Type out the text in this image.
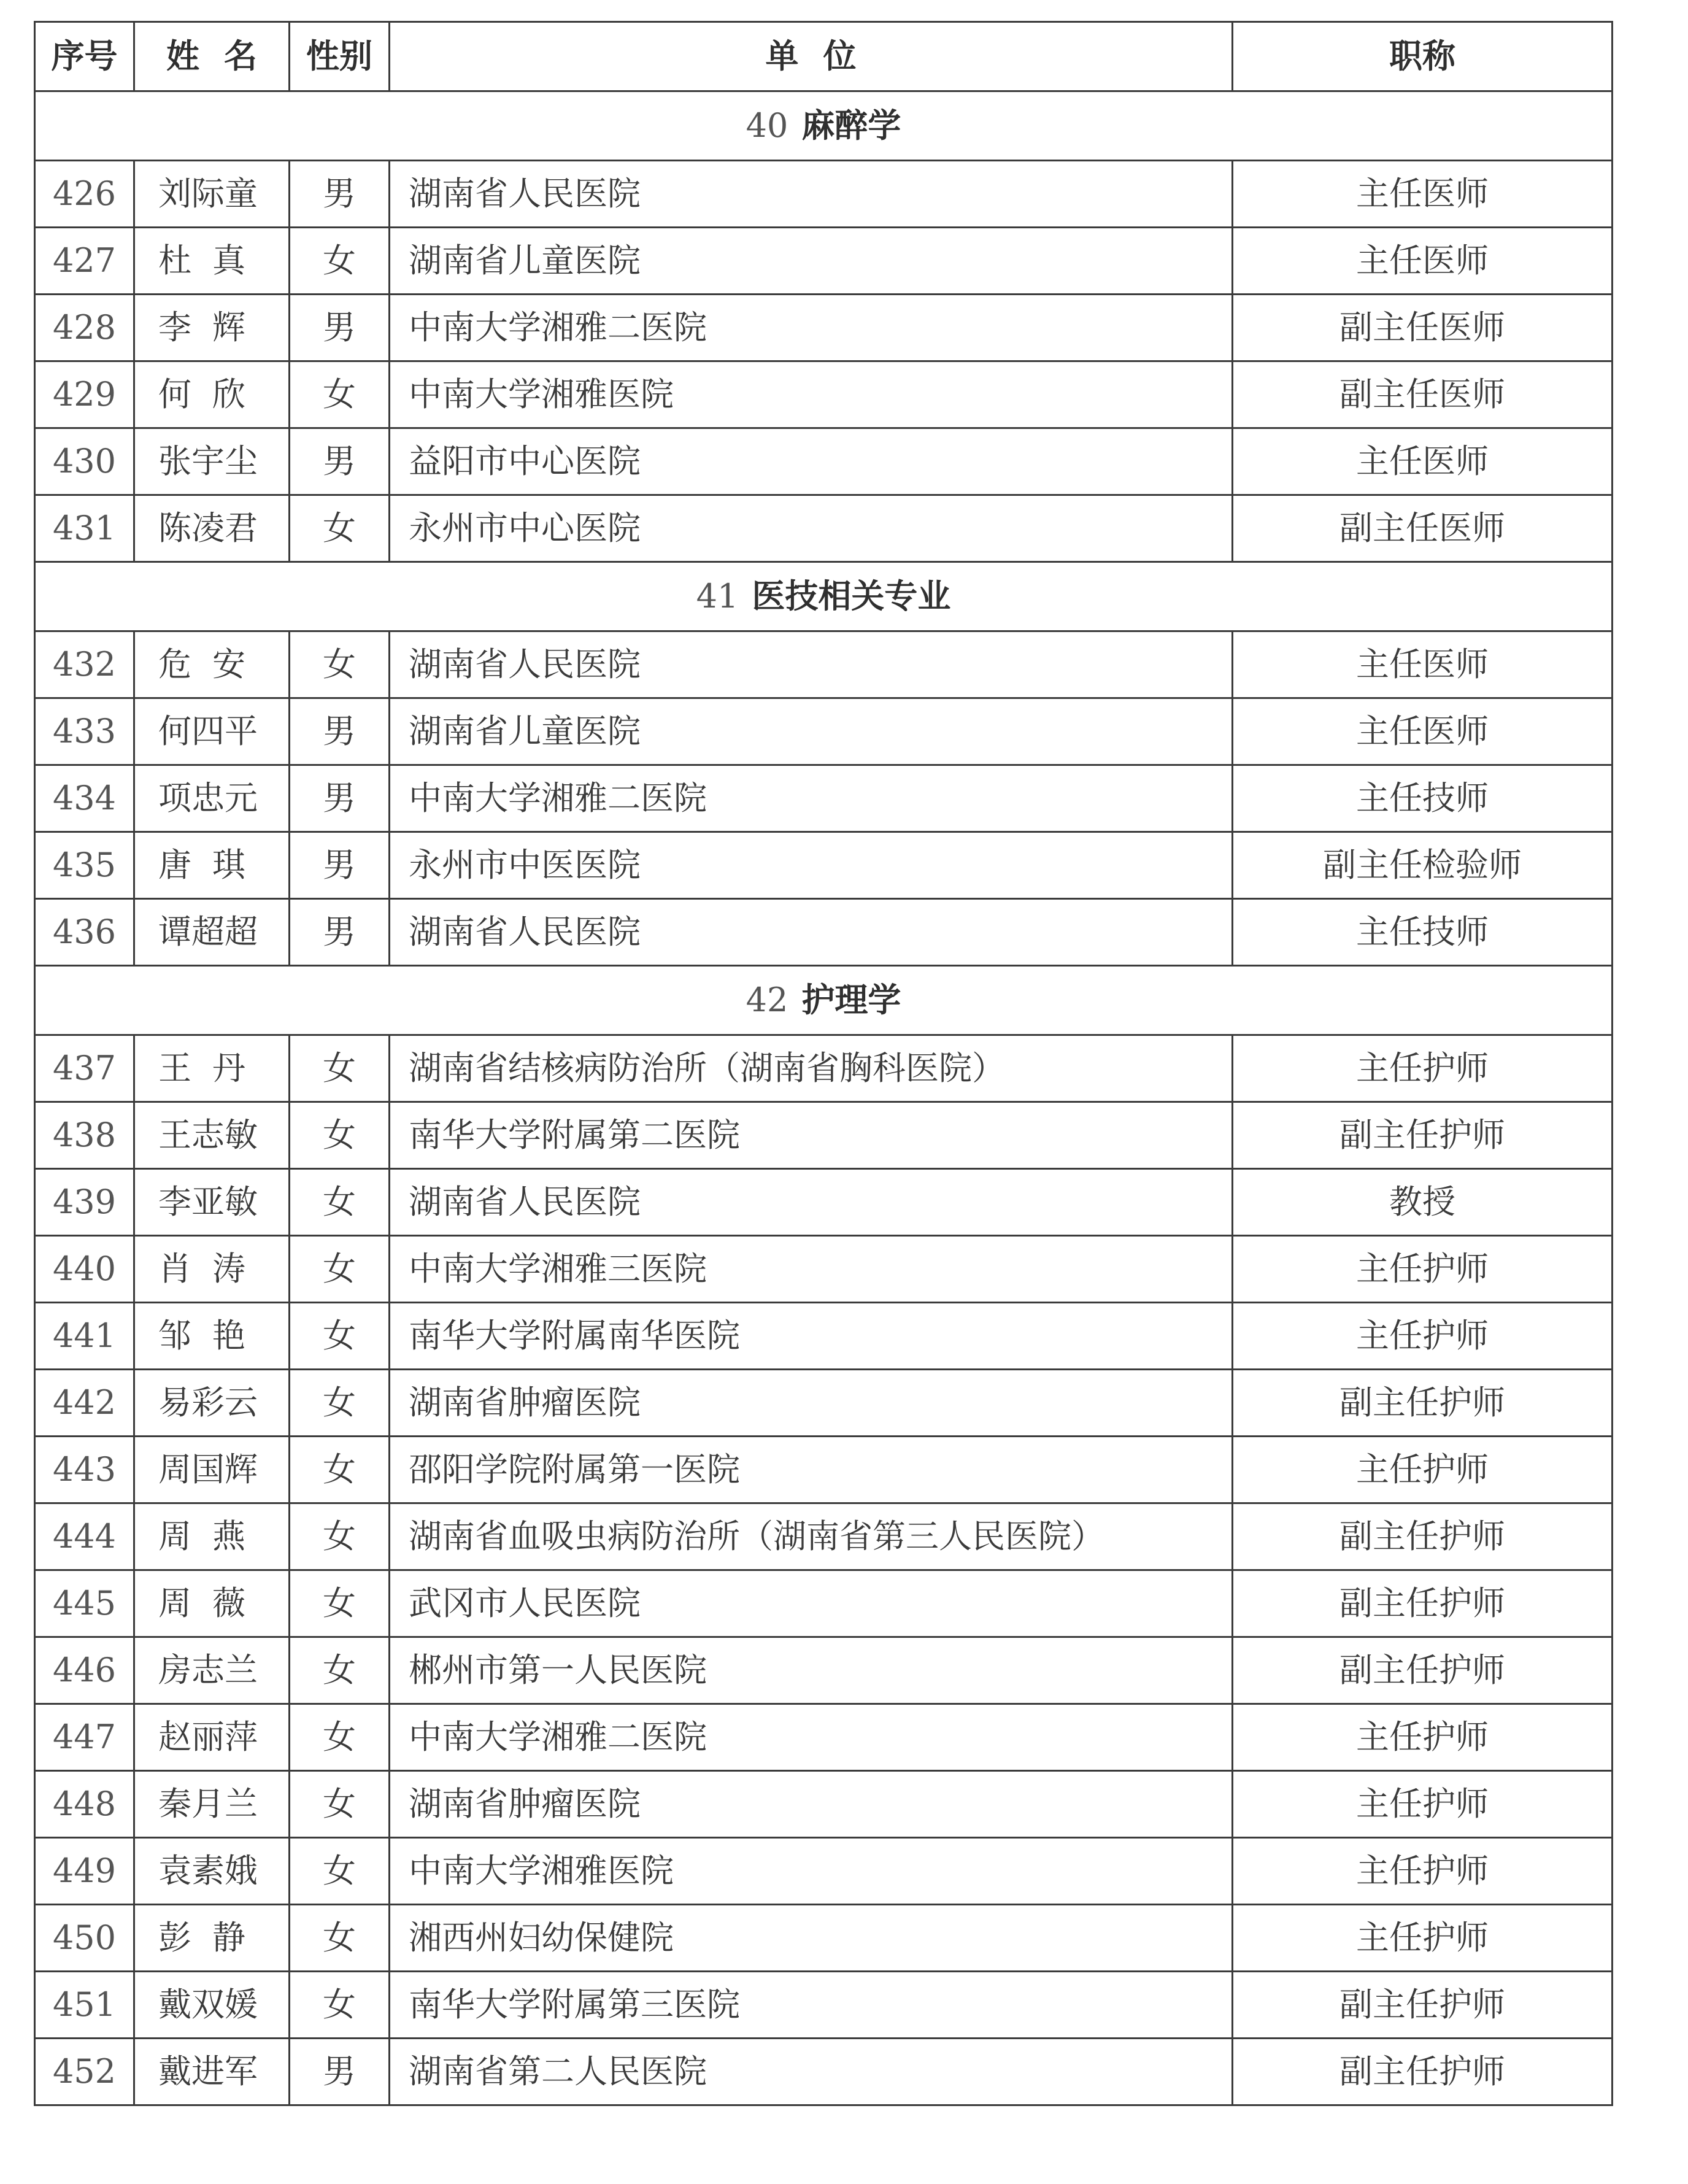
序号	姓名	性别	单位	职称
40 麻醉学				
426	刘际童	男	湖南省人民医院	主任医师
427	杜真	女	湖南省儿童医院	主任医师
428	李辉	男	中南大学湘雅二医院	副主任医师
429	何欣	女	中南大学湘雅医院	副主任医师
430	张宇尘	男	益阳市中心医院	主任医师
431	陈凌君	女	永州市中心医院	副主任医师
41 医技相关专业				
432	危安	女	湖南省人民医院	主任医师
433	何四平	男	湖南省儿童医院	主任医师
434	项忠元	男	中南大学湘雅二医院	主任技师
435	唐琪	男	永州市中医医院	副主任检验师
436	谭超超	男	湖南省人民医院	主任技师
42 护理学				
437	王丹	女	湖南省结核病防治所（湖南省胸科医院）	主任护师
438	王志敏	女	南华大学附属第二医院	副主任护师
439	李亚敏	女	湖南省人民医院	教授
440	肖涛	女	中南大学湘雅三医院	主任护师
441	邹艳	女	南华大学附属南华医院	主任护师
442	易彩云	女	湖南省肿瘤医院	副主任护师
443	周国辉	女	邵阳学院附属第一医院	主任护师
444	周燕	女	湖南省血吸虫病防治所（湖南省第三人民医院）	副主任护师
445	周薇	女	武冈市人民医院	副主任护师
446	房志兰	女	郴州市第一人民医院	副主任护师
447	赵丽萍	女	中南大学湘雅二医院	主任护师
448	秦月兰	女	湖南省肿瘤医院	主任护师
449	袁素娥	女	中南大学湘雅医院	主任护师
450	彭静	女	湘西州妇幼保健院	主任护师
451	戴双媛	女	南华大学附属第三医院	副主任护师
452	戴进军	男	湖南省第二人民医院	副主任护师
